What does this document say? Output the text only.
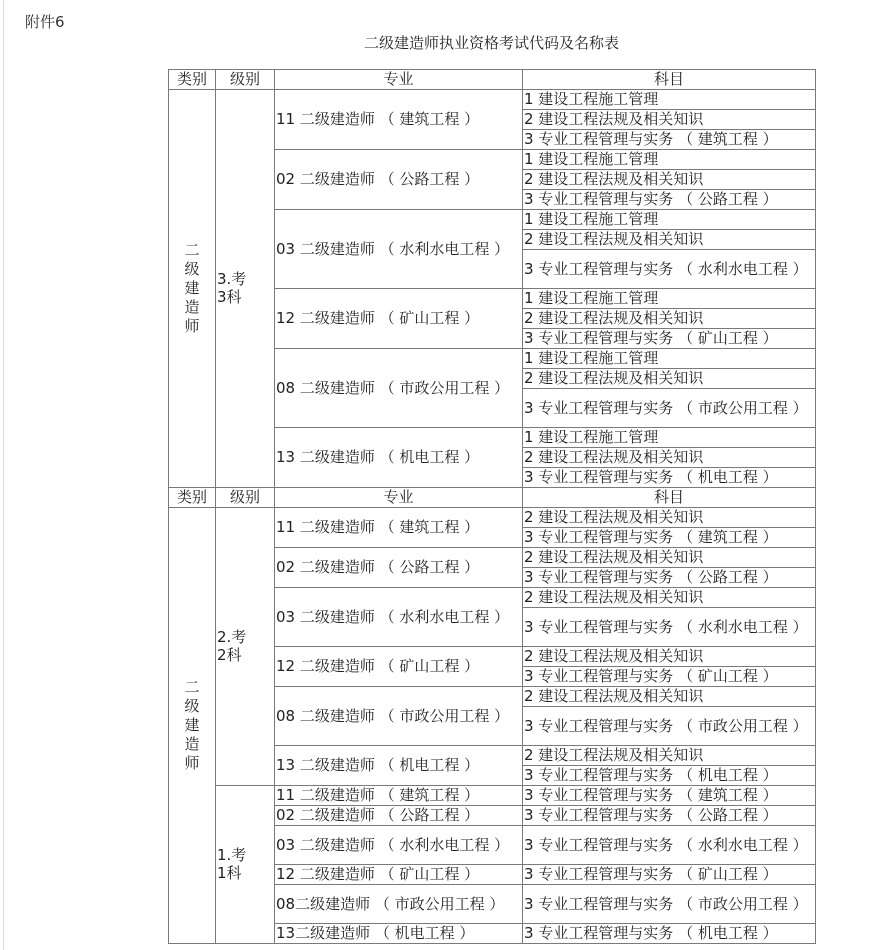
附件6
二级建造师执业资格考试代码及名称表
类别	级别	专业	科目
二级建造师	3.考3科	11 二级建造师 （ 建筑工程 ）	1 建设工程施工管理
			2 建设工程法规及相关知识
			3 专业工程管理与实务 （ 建筑工程 ）
		02 二级建造师 （ 公路工程 ）	1 建设工程施工管理
			2 建设工程法规及相关知识
			3 专业工程管理与实务 （ 公路工程 ）
		03 二级建造师 （ 水利水电工程 ）	1 建设工程施工管理
			2 建设工程法规及相关知识
			3 专业工程管理与实务 （ 水利水电工程 ）

		12 二级建造师 （ 矿山工程 ）	1 建设工程施工管理
			2 建设工程法规及相关知识
			3 专业工程管理与实务 （ 矿山工程 ）
		08 二级建造师 （ 市政公用工程 ）	1 建设工程施工管理
			2 建设工程法规及相关知识
			3 专业工程管理与实务 （ 市政公用工程 ）

		13 二级建造师 （ 机电工程 ）	1 建设工程施工管理
			2 建设工程法规及相关知识
			3 专业工程管理与实务 （ 机电工程 ）
类别	级别	专业	科目
二级建造师	2.考2科	11 二级建造师 （ 建筑工程 ）	2 建设工程法规及相关知识
			3 专业工程管理与实务 （ 建筑工程 ）
		02 二级建造师 （ 公路工程 ）	2 建设工程法规及相关知识
			3 专业工程管理与实务 （ 公路工程 ）
		03 二级建造师 （ 水利水电工程 ）	2 建设工程法规及相关知识
			3 专业工程管理与实务 （ 水利水电工程 ）

		12 二级建造师 （ 矿山工程 ）	2 建设工程法规及相关知识
			3 专业工程管理与实务 （ 矿山工程 ）
		08 二级建造师 （ 市政公用工程 ）	2 建设工程法规及相关知识
			3 专业工程管理与实务 （ 市政公用工程 ）

		13 二级建造师 （ 机电工程 ）	2 建设工程法规及相关知识
			3 专业工程管理与实务 （ 机电工程 ）
	1.考1科	11 二级建造师 （ 建筑工程 ）	3 专业工程管理与实务 （ 建筑工程 ）
		02 二级建造师 （ 公路工程 ）	3 专业工程管理与实务 （ 公路工程 ）
		03 二级建造师 （ 水利水电工程 ）	3 专业工程管理与实务 （ 水利水电工程 ）

		12 二级建造师 （ 矿山工程 ）	3 专业工程管理与实务 （ 矿山工程 ）
		08二级建造师 （ 市政公用工程 ）	3 专业工程管理与实务 （ 市政公用工程 ）

		13二级建造师 （ 机电工程 ）	3 专业工程管理与实务 （ 机电工程 ）
